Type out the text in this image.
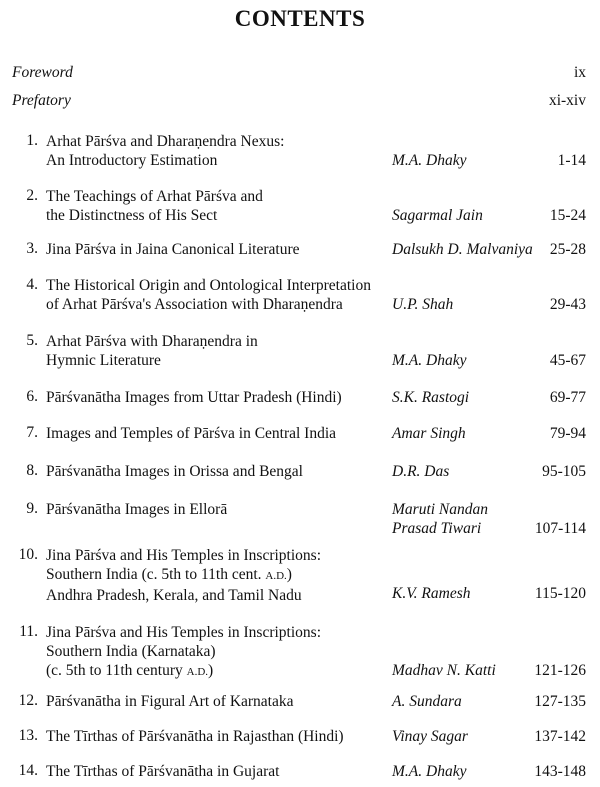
CONTENTS
Foreword	ix
Prefatory	xi-xiv
1. Arhat Pārśva and Dharaṇendra Nexus:
An Introductory Estimation	M.A. Dhaky	1-14
2. The Teachings of Arhat Pārśva and
the Distinctness of His Sect	Sagarmal Jain	15-24
3. Jina Pārśva in Jaina Canonical Literature	Dalsukh D. Malvaniya 25-28
4. The Historical Origin and Ontological Interpretation
of Arhat Pārśva's Association with Dharaṇendra	U.P. Shah	29-43
5. Arhat Pārśva with Dharaṇendra in
Hymnic Literature	M.A. Dhaky	45-67
6. Pārśvanātha Images from Uttar Pradesh (Hindi)	S.K. Rastogi	69-77
7. Images and Temples of Pārśva in Central India	Amar Singh	79-94
8. Pārśvanātha Images in Orissa and Bengal	D.R. Das	95-105
9. Pārśvanātha Images in Ellorā	Maruti Nandan
Prasad Tiwari	107-114
10. Jina Pārśva and His Temples in Inscriptions:
Southern India (c. 5th to 11th cent. A.D.)
Andhra Pradesh, Kerala, and Tamil Nadu	K.V. Ramesh	115-120
11. Jina Pārśva and His Temples in Inscriptions:
Southern India (Karnataka)
(c. 5th to 11th century A.D.)	Madhav N. Katti	121-126
12. Pārśvanātha in Figural Art of Karnataka	A. Sundara	127-135
13. The Tīrthas of Pārśvanātha in Rajasthan (Hindi)	Vinay Sagar	137-142
14. The Tīrthas of Pārśvanātha in Gujarat	M.A. Dhaky	143-148
